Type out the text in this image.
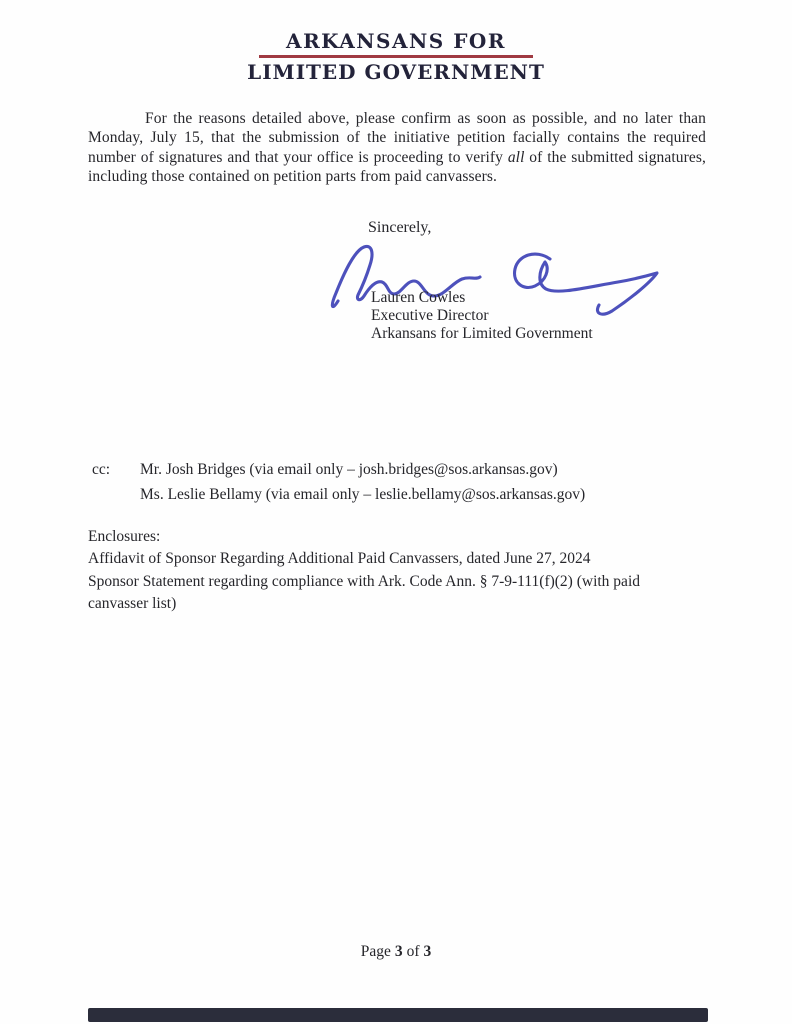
ARKANSANS FOR
LIMITED GOVERNMENT

For the reasons detailed above, please confirm as soon as possible, and no later than Monday, July 15, that the submission of the initiative petition facially contains the required number of signatures and that your office is proceeding to verify all of the submitted signatures, including those contained on petition parts from paid canvassers.

Sincerely,
Lauren Cowles
Executive Director
Arkansans for Limited Government
cc:	Mr. Josh Bridges (via email only – josh.bridges@sos.arkansas.gov)
Ms. Leslie Bellamy (via email only – leslie.bellamy@sos.arkansas.gov)
Enclosures:
Affidavit of Sponsor Regarding Additional Paid Canvassers, dated June 27, 2024
Sponsor Statement regarding compliance with Ark. Code Ann. § 7-9-111(f)(2) (with paid canvasser list)
Page 3 of 3
